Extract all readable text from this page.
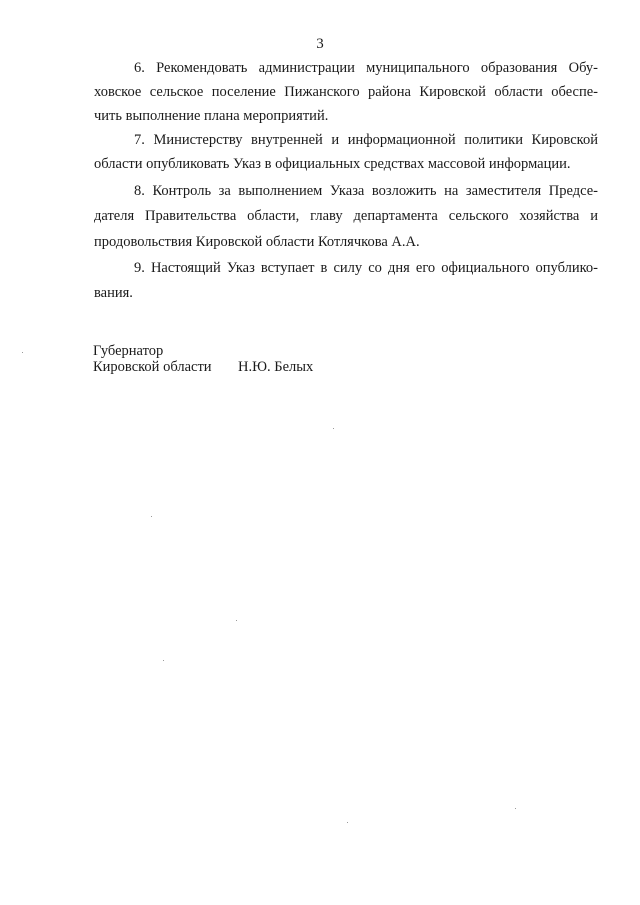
3
6. Рекомендовать администрации муниципального образования Обу-
ховское сельское поселение Пижанского района Кировской области обеспе-
чить выполнение плана мероприятий.
7. Министерству внутренней и информационной политики Кировской
области опубликовать Указ в официальных средствах массовой информации.
8. Контроль за выполнением Указа возложить на заместителя Предсе-
дателя Правительства области, главу департамента сельского хозяйства и
продовольствия Кировской области Котлячкова А.А.
9. Настоящий Указ вступает в силу со дня его официального опублико-
вания.
Губернатор
Кировской области Н.Ю. Белых
